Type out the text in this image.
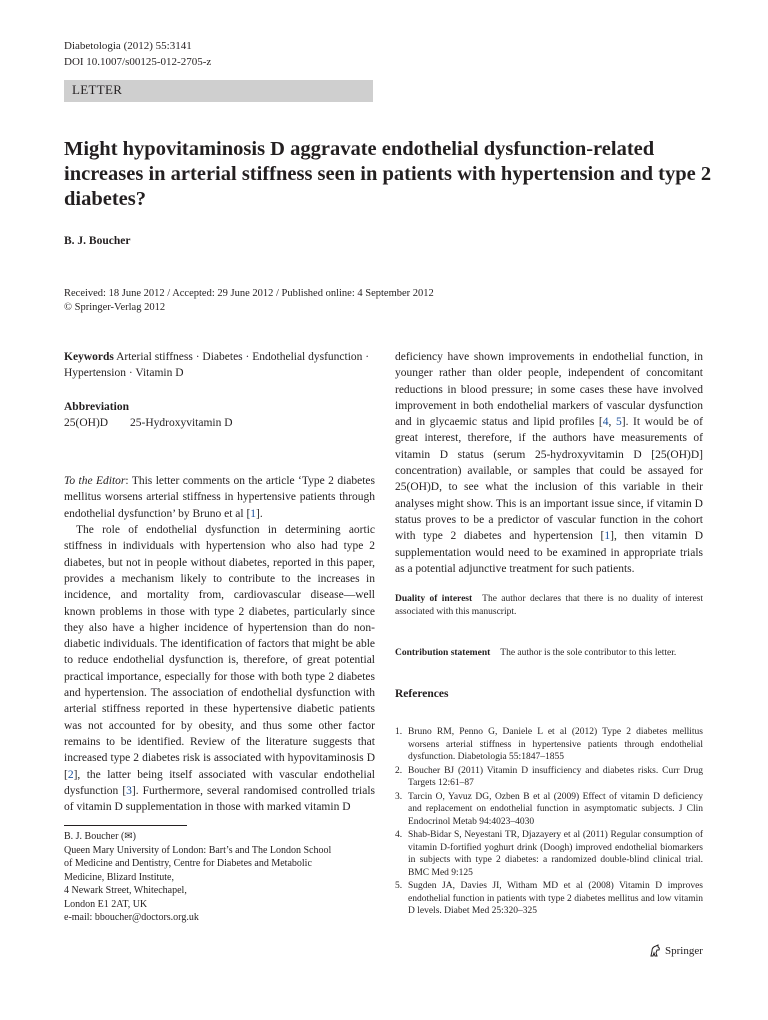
Diabetologia (2012) 55:3141
DOI 10.1007/s00125-012-2705-z
LETTER
Might hypovitaminosis D aggravate endothelial dysfunction-related increases in arterial stiffness seen in patients with hypertension and type 2 diabetes?
B. J. Boucher
Received: 18 June 2012 / Accepted: 29 June 2012 / Published online: 4 September 2012
© Springer-Verlag 2012

Keywords Arterial stiffness · Diabetes · Endothelial dysfunction · Hypertension · Vitamin D

Abbreviation

25(OH)D 25-Hydroxyvitamin D

To the Editor: This letter comments on the article ‘Type 2 diabetes mellitus worsens arterial stiffness in hypertensive patients through endothelial dysfunction’ by Bruno et al [1].

The role of endothelial dysfunction in determining aortic stiffness in individuals with hypertension who also had type 2 diabetes, but not in people without diabetes, reported in this paper, provides a mechanism likely to contribute to the increases in incidence, and mortality from, cardiovascular disease—well known problems in those with type 2 diabetes, particularly since they also have a higher incidence of hypertension than do non-diabetic individuals. The identification of factors that might be able to reduce endothelial dysfunction is, therefore, of great potential practical importance, especially for those with both type 2 diabetes and hypertension. The association of endothelial dysfunction with arterial stiffness reported in these hypertensive diabetic patients was not accounted for by obesity, and thus some other factor remains to be identified. Review of the literature suggests that increased type 2 diabetes risk is associated with hypovitaminosis D [2], the latter being itself associated with vascular endothelial dysfunction [3]. Furthermore, several randomised controlled trials of vitamin D supplementation in those with marked vitamin D

B. J. Boucher (✉)
Queen Mary University of London: Bart’s and The London School
of Medicine and Dentistry, Centre for Diabetes and Metabolic
Medicine, Blizard Institute,
4 Newark Street, Whitechapel,
London E1 2AT, UK
e-mail: bboucher@doctors.org.uk

deficiency have shown improvements in endothelial function, in younger rather than older people, independent of concomitant reductions in blood pressure; in some cases these have involved improvement in both endothelial markers of vascular dysfunction and in glycaemic status and lipid profiles [4, 5]. It would be of great interest, therefore, if the authors have measurements of vitamin D status (serum 25-hydroxyvitamin D [25(OH)D] concentration) available, or samples that could be assayed for 25(OH)D, to see what the inclusion of this variable in their analyses might show. This is an important issue since, if vitamin D status proves to be a predictor of vascular function in the cohort with type 2 diabetes and hypertension [1], then vitamin D supplementation would need to be examined in appropriate trials as a potential adjunctive treatment for such patients.

Duality of interest The author declares that there is no duality of interest associated with this manuscript.

Contribution statement The author is the sole contributor to this letter.

References
1. Bruno RM, Penno G, Daniele L et al (2012) Type 2 diabetes mellitus worsens arterial stiffness in hypertensive patients through endothelial dysfunction. Diabetologia 55:1847–1855
2. Boucher BJ (2011) Vitamin D insufficiency and diabetes risks. Curr Drug Targets 12:61–87
3. Tarcin O, Yavuz DG, Ozben B et al (2009) Effect of vitamin D deficiency and replacement on endothelial function in asymptomatic subjects. J Clin Endocrinol Metab 94:4023–4030
4. Shab-Bidar S, Neyestani TR, Djazayery et al (2011) Regular consumption of vitamin D-fortified yoghurt drink (Doogh) improved endothelial biomarkers in subjects with type 2 diabetes: a randomized double-blind clinical trial. BMC Med 9:125
5. Sugden JA, Davies JI, Witham MD et al (2008) Vitamin D improves endothelial function in patients with type 2 diabetes mellitus and low vitamin D levels. Diabet Med 25:320–325
Springer
